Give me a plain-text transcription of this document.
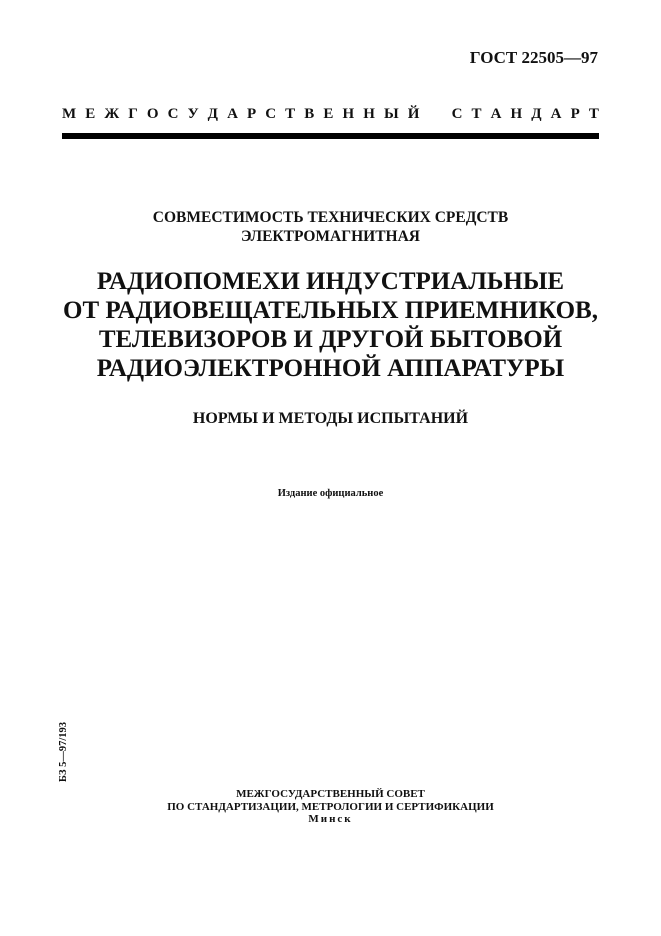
ГОСТ 22505—97
М Е Ж Г О С У Д А Р С Т В Е Н Н Ы Й С Т А Н Д А Р Т
СОВМЕСТИМОСТЬ ТЕХНИЧЕСКИХ СРЕДСТВ
ЭЛЕКТРОМАГНИТНАЯ
РАДИОПОМЕХИ ИНДУСТРИАЛЬНЫЕ
ОТ РАДИОВЕЩАТЕЛЬНЫХ ПРИЕМНИКОВ,
ТЕЛЕВИЗОРОВ И ДРУГОЙ БЫТОВОЙ
РАДИОЭЛЕКТРОННОЙ АППАРАТУРЫ
НОРМЫ И МЕТОДЫ ИСПЫТАНИЙ
Издание официальное
БЗ 5—97/193
МЕЖГОСУДАРСТВЕННЫЙ СОВЕТ
ПО СТАНДАРТИЗАЦИИ, МЕТРОЛОГИИ И СЕРТИФИКАЦИИ
Минск
